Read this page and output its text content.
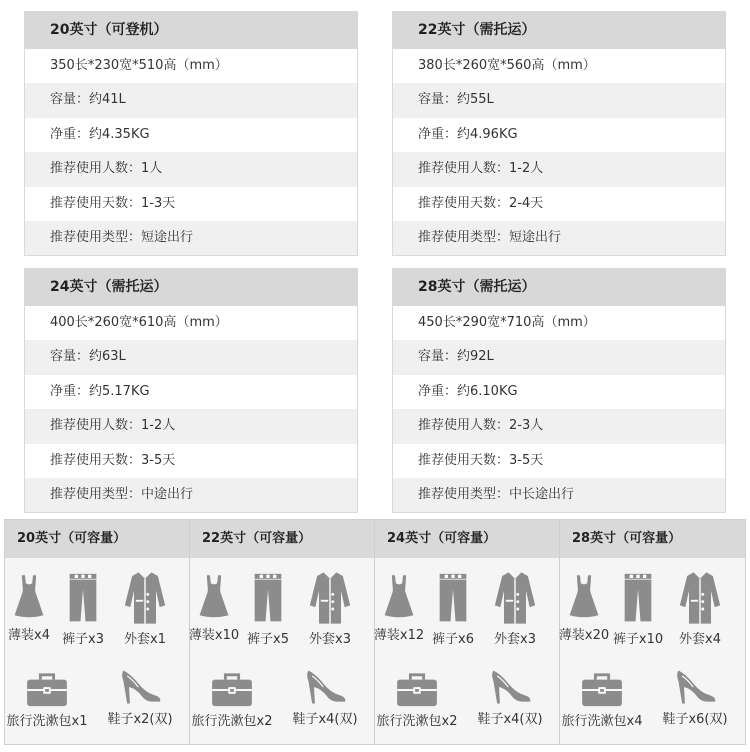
20英寸（可登机）
350长*230宽*510高（mm）
容量：约41L
净重：约4.35KG
推荐使用人数：1人
推荐使用天数：1-3天
推荐使用类型：短途出行
22英寸（需托运）
380长*260宽*560高（mm）
容量：约55L
净重：约4.96KG
推荐使用人数：1-2人
推荐使用天数：2-4天
推荐使用类型：短途出行
24英寸（需托运）
400长*260宽*610高（mm）
容量：约63L
净重：约5.17KG
推荐使用人数：1-2人
推荐使用天数：3-5天
推荐使用类型：中途出行
28英寸（需托运）
450长*290宽*710高（mm）
容量：约92L
净重：约6.10KG
推荐使用人数：2-3人
推荐使用天数：3-5天
推荐使用类型：中长途出行
20英寸（可容量）
薄装x4 裤子x3	外套x1
旅行洗漱包x1	鞋子x2(双)
22英寸（可容量）
薄装x10 裤子x5	外套x3
旅行洗漱包x2	鞋子x4(双)
24英寸（可容量）
薄装x12 裤子x6	外套x3
旅行洗漱包x2	鞋子x4(双)
28英寸（可容量）
薄装x20 裤子x10	外套x4
旅行洗漱包x4	鞋子x6(双)
